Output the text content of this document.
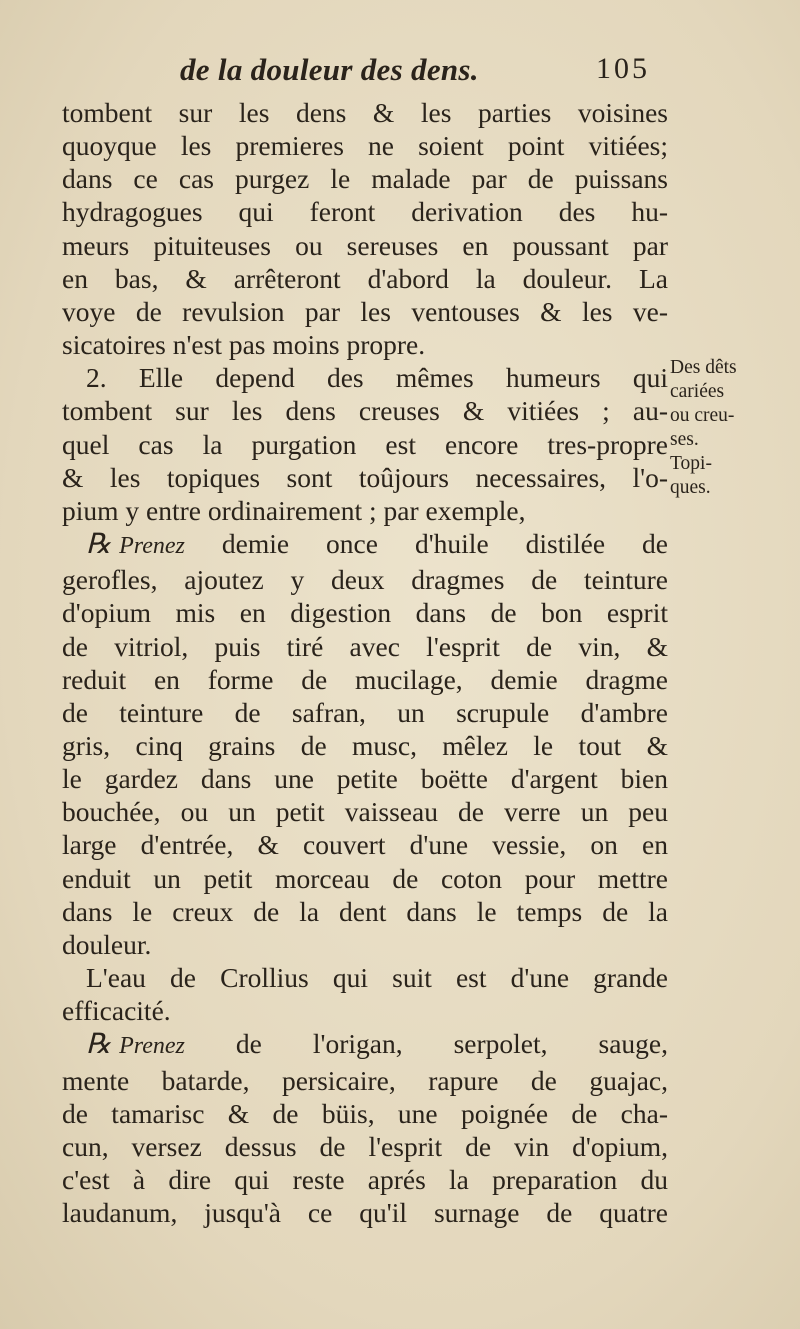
de la douleur des dens.	105
tombent sur les dens & les parties voisines
quoyque les premieres ne soient point vitiées;
dans ce cas purgez le malade par de puissans
hydragogues qui feront derivation des hu-
meurs pituiteuses ou sereuses en poussant par
en bas, & arrêteront d'abord la douleur. La
voye de revulsion par les ventouses & les ve-
sicatoires n'est pas moins propre.
2. Elle depend des mêmes humeurs qui
tombent sur les dens creuses & vitiées ; au-
quel cas la purgation est encore tres-propre
& les topiques sont toûjours necessaires, l'o-
pium y entre ordinairement ; par exemple,
℞ Prenez demie once d'huile distilée de
gerofles, ajoutez y deux dragmes de teinture
d'opium mis en digestion dans de bon esprit
de vitriol, puis tiré avec l'esprit de vin, &
reduit en forme de mucilage, demie dragme
de teinture de safran, un scrupule d'ambre
gris, cinq grains de musc, mêlez le tout &
le gardez dans une petite boëtte d'argent bien
bouchée, ou un petit vaisseau de verre un peu
large d'entrée, & couvert d'une vessie, on en
enduit un petit morceau de coton pour mettre
dans le creux de la dent dans le temps de la
douleur.
L'eau de Crollius qui suit est d'une grande
efficacité.
℞ Prenez de l'origan, serpolet, sauge,
mente batarde, persicaire, rapure de guajac,
de tamarisc & de büis, une poignée de cha-
cun, versez dessus de l'esprit de vin d'opium,
c'est à dire qui reste aprés la preparation du
laudanum, jusqu'à ce qu'il surnage de quatre
Des dêts
cariées
ou creu-
ses.
Topi-
ques.
